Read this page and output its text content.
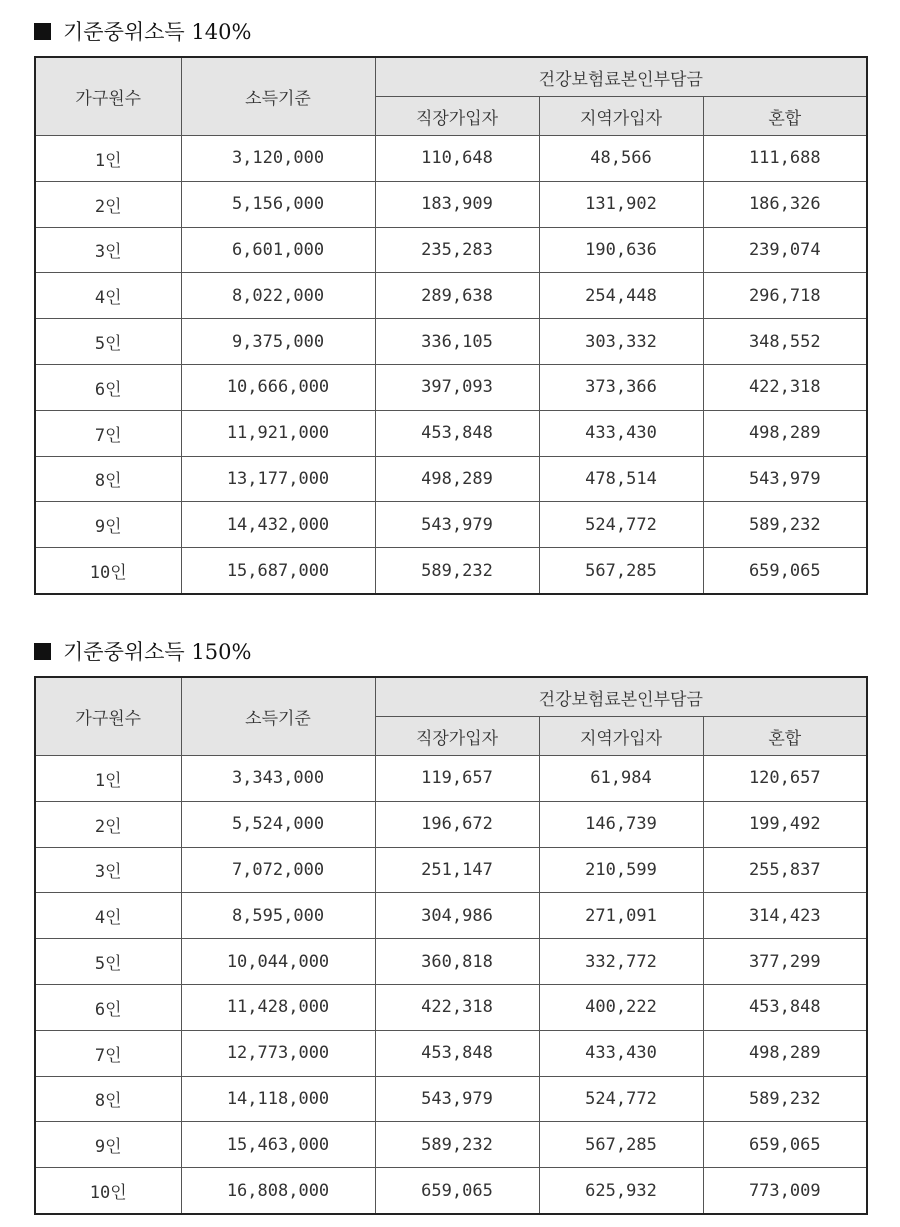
기준중위소득 140%
가구원수	소득기준	건강보험료본인부담금		
		직장가입자	지역가입자	혼합
1인	3,120,000	110,648	48,566	111,688
2인	5,156,000	183,909	131,902	186,326
3인	6,601,000	235,283	190,636	239,074
4인	8,022,000	289,638	254,448	296,718
5인	9,375,000	336,105	303,332	348,552
6인	10,666,000	397,093	373,366	422,318
7인	11,921,000	453,848	433,430	498,289
8인	13,177,000	498,289	478,514	543,979
9인	14,432,000	543,979	524,772	589,232
10인	15,687,000	589,232	567,285	659,065
기준중위소득 150%
가구원수	소득기준	건강보험료본인부담금		
		직장가입자	지역가입자	혼합
1인	3,343,000	119,657	61,984	120,657
2인	5,524,000	196,672	146,739	199,492
3인	7,072,000	251,147	210,599	255,837
4인	8,595,000	304,986	271,091	314,423
5인	10,044,000	360,818	332,772	377,299
6인	11,428,000	422,318	400,222	453,848
7인	12,773,000	453,848	433,430	498,289
8인	14,118,000	543,979	524,772	589,232
9인	15,463,000	589,232	567,285	659,065
10인	16,808,000	659,065	625,932	773,009
